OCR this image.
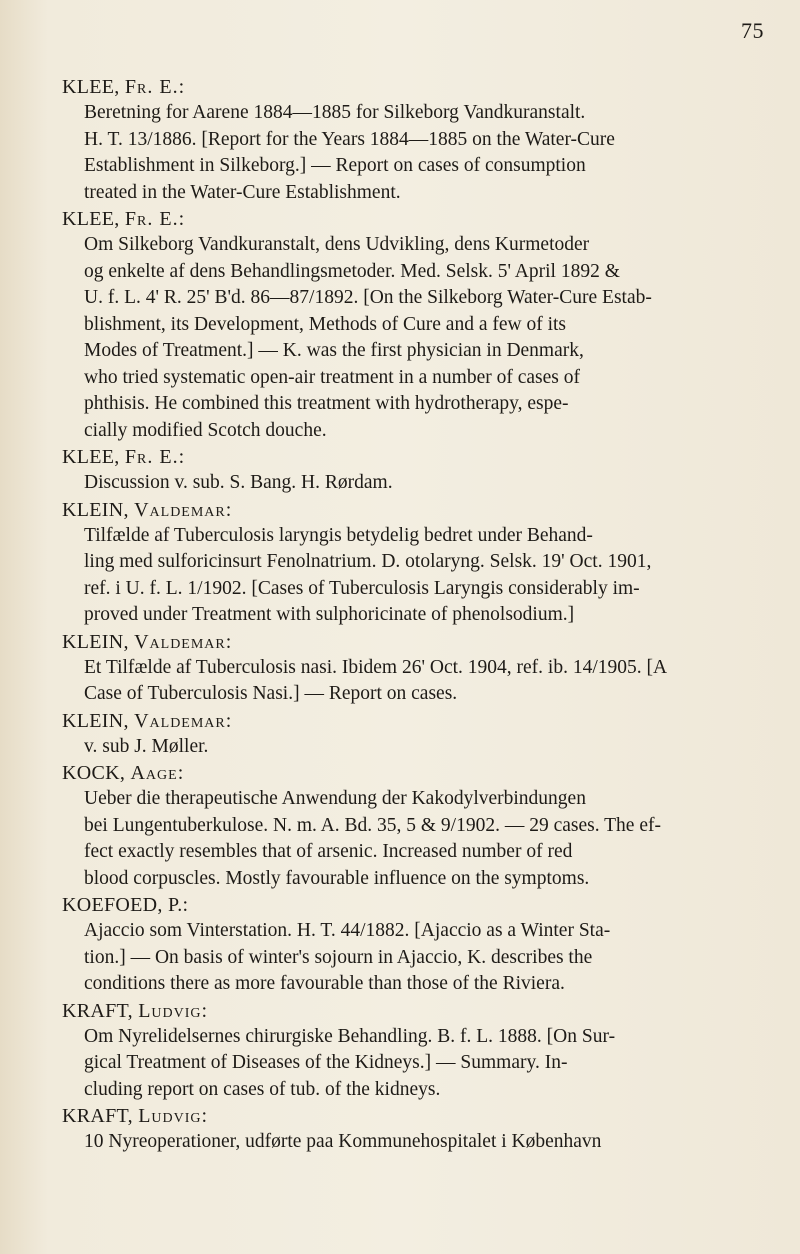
75
KLEE, Fr. E.:
Beretning for Aarene 1884—1885 for Silkeborg Vandkuranstalt.
H. T. 13/1886. [Report for the Years 1884—1885 on the Water-Cure
Establishment in Silkeborg.] — Report on cases of consumption
treated in the Water-Cure Establishment.
KLEE, Fr. E.:
Om Silkeborg Vandkuranstalt, dens Udvikling, dens Kurmetoder
og enkelte af dens Behandlingsmetoder. Med. Selsk. 5' April 1892 &
U. f. L. 4' R. 25' B'd. 86—87/1892. [On the Silkeborg Water-Cure Estab-
blishment, its Development, Methods of Cure and a few of its
Modes of Treatment.] — K. was the first physician in Denmark,
who tried systematic open-air treatment in a number of cases of
phthisis. He combined this treatment with hydrotherapy, espe-
cially modified Scotch douche.
KLEE, Fr. E.:
Discussion v. sub. S. Bang. H. Rørdam.
KLEIN, Valdemar:
Tilfælde af Tuberculosis laryngis betydelig bedret under Behand-
ling med sulforicinsurt Fenolnatrium. D. otolaryng. Selsk. 19' Oct. 1901,
ref. i U. f. L. 1/1902. [Cases of Tuberculosis Laryngis considerably im-
proved under Treatment with sulphoricinate of phenolsodium.]
KLEIN, Valdemar:
Et Tilfælde af Tuberculosis nasi. Ibidem 26' Oct. 1904, ref. ib. 14/1905. [A
Case of Tuberculosis Nasi.] — Report on cases.
KLEIN, Valdemar:
v. sub J. Møller.
KOCK, Aage:
Ueber die therapeutische Anwendung der Kakodylverbindungen
bei Lungentuberkulose. N. m. A. Bd. 35, 5 & 9/1902. — 29 cases. The ef-
fect exactly resembles that of arsenic. Increased number of red
blood corpuscles. Mostly favourable influence on the symptoms.
KOEFOED, P.:
Ajaccio som Vinterstation. H. T. 44/1882. [Ajaccio as a Winter Sta-
tion.] — On basis of winter's sojourn in Ajaccio, K. describes the
conditions there as more favourable than those of the Riviera.
KRAFT, Ludvig:
Om Nyrelidelsernes chirurgiske Behandling. B. f. L. 1888. [On Sur-
gical Treatment of Diseases of the Kidneys.] — Summary. In-
cluding report on cases of tub. of the kidneys.
KRAFT, Ludvig:
10 Nyreoperationer, udførte paa Kommunehospitalet i København
